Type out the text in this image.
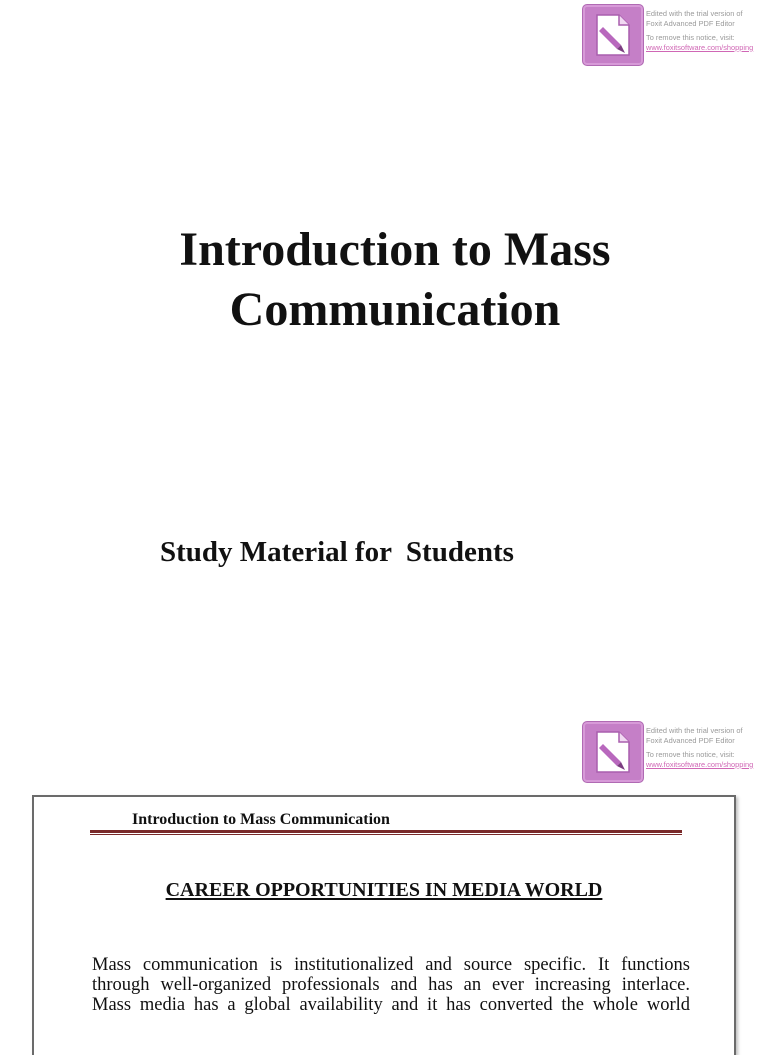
Edited with the trial version of
Foxit Advanced PDF Editor
To remove this notice, visit:
www.foxitsoftware.com/shopping
Introduction to Mass
Communication

Study Material for  Students

Edited with the trial version of
Foxit Advanced PDF Editor
To remove this notice, visit:
www.foxitsoftware.com/shopping

Introduction to Mass Communication

CAREER OPPORTUNITIES IN MEDIA WORLD

Mass communication is institutionalized and source specific. It functions
through well-organized professionals and has an ever increasing interlace.
Mass media has a global availability and it has converted the whole world
